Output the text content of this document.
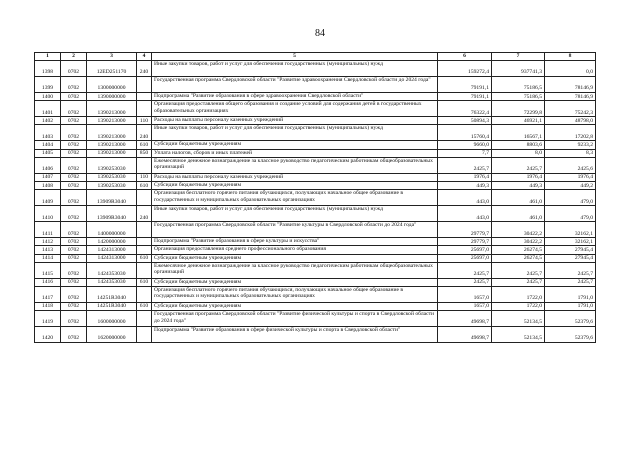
84
1	2	3	4	5	6	7	8
1398	0702	12ЕD251170	240	Иные закупки товаров, работ и услуг для обеспечения государственных (муниципальных) нужд	159272,4	937741,3	0,0
1399	0702	1300000000		Государственная программа Свердловской области "Развитие здравоохранения Свердловской области до 2024 года"	79191,1	75186,5	78146,9
1400	0702	1390000000		Подпрограмма "Развитие образования в сфере здравоохранения Свердловской области"	79191,1	75186,5	78146,9
1401	0702	1390213000		Организация предоставления общего образования и создание условий для содержания детей в государственных образовательных организациях	76322,4	72299,8	75242,3
1402	0702	1390213000	110	Расходы на выплаты персоналу казенных учреждений	50894,3	46921,1	48798,0
1403	0702	1390213000	240	Иные закупки товаров, работ и услуг для обеспечения государственных (муниципальных) нужд	15760,4	16567,1	17202,8
1404	0702	1390213000	610	Субсидии бюджетным учреждениям	9660,0	8803,6	9233,2
1405	0702	1390213000	850	Уплата налогов, сборов и иных платежей	7,7	8,0	8,3
1406	0702	1390253030		Ежемесячное денежное вознаграждение за классное руководство педагогическим работникам общеобразовательных организаций	2425,7	2425,7	2425,6
1407	0702	1390253030	110	Расходы на выплаты персоналу казенных учреждений	1976,4	1976,4	1976,4
1408	0702	1390253030	610	Субсидии бюджетным учреждениям	449,3	449,3	449,2
1409	0702	13909R3040		Организация бесплатного горячего питания обучающихся, получающих начальное общее образование в государственных и муниципальных образовательных организациях	443,0	461,0	479,0
1410	0702	13909R3040	240	Иные закупки товаров, работ и услуг для обеспечения государственных (муниципальных) нужд	443,0	461,0	479,0
1411	0702	1400000000		Государственная программа Свердловской области "Развитие культуры в Свердловской области до 2024 года"	29779,7	30422,2	32162,1
1412	0702	1420000000		Подпрограмма "Развитие образования в сфере культуры и искусства"	29779,7	30422,2	32162,1
1413	0702	1424313000		Организация предоставления среднего профессионального образования	25697,0	26274,5	27945,4
1414	0702	1424313000	610	Субсидии бюджетным учреждениям	25697,0	26274,5	27945,4
1415	0702	1424353030		Ежемесячное денежное вознаграждение за классное руководство педагогическим работникам общеобразовательных организаций	2425,7	2425,7	2425,7
1416	0702	1424353030	610	Субсидии бюджетным учреждениям	2425,7	2425,7	2425,7
1417	0702	14251R3040		Организация бесплатного горячего питания обучающихся, получающих начальное общее образование в государственных и муниципальных образовательных организациях	1657,0	1722,0	1791,0
1418	0702	14251R3040	610	Субсидии бюджетным учреждениям	1657,0	1722,0	1791,0
1419	0702	1600000000		Государственная программа Свердловской области "Развитие физической культуры и спорта в Свердловской области до 2024 года"	49698,7	52134,5	52379,6
1420	0702	1620000000		Подпрограмма "Развитие образования в сфере физической культуры и спорта в Свердловской области"	49698,7	52134,5	52379,6
